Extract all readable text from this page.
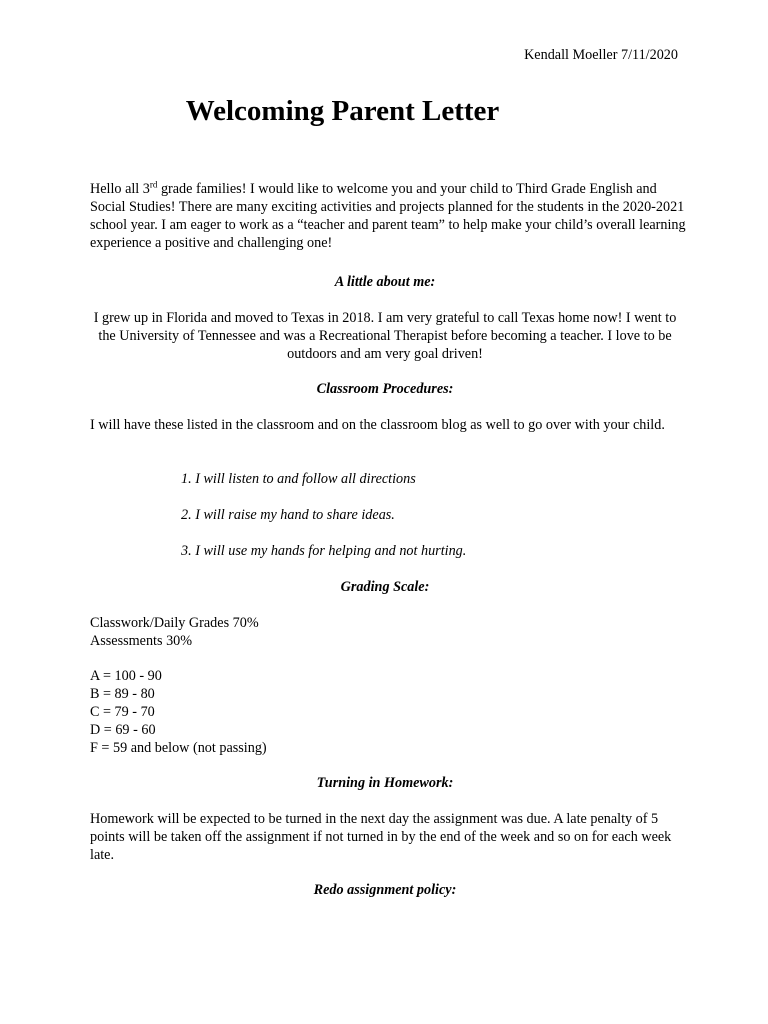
Kendall Moeller 7/11/2020

Welcoming Parent Letter

Hello all 3rd grade families! I would like to welcome you and your child to Third Grade English and Social Studies! There are many exciting activities and projects planned for the students in the 2020-2021 school year. I am eager to work as a “teacher and parent team” to help make your child’s overall learning experience a positive and challenging one!

A little about me:

I grew up in Florida and moved to Texas in 2018. I am very grateful to call Texas home now! I went to the University of Tennessee and was a Recreational Therapist before becoming a teacher. I love to be outdoors and am very goal driven!

Classroom Procedures:

I will have these listed in the classroom and on the classroom blog as well to go over with your child.

1. I will listen to and follow all directions

2. I will raise my hand to share ideas.

3. I will use my hands for helping and not hurting.

Grading Scale:

Classwork/Daily Grades 70%
Assessments 30%
A = 100 - 90
B = 89 - 80
C = 79 - 70
D = 69 - 60
F = 59 and below (not passing)

Turning in Homework:

Homework will be expected to be turned in the next day the assignment was due. A late penalty of 5 points will be taken off the assignment if not turned in by the end of the week and so on for each week late.

Redo assignment policy:
